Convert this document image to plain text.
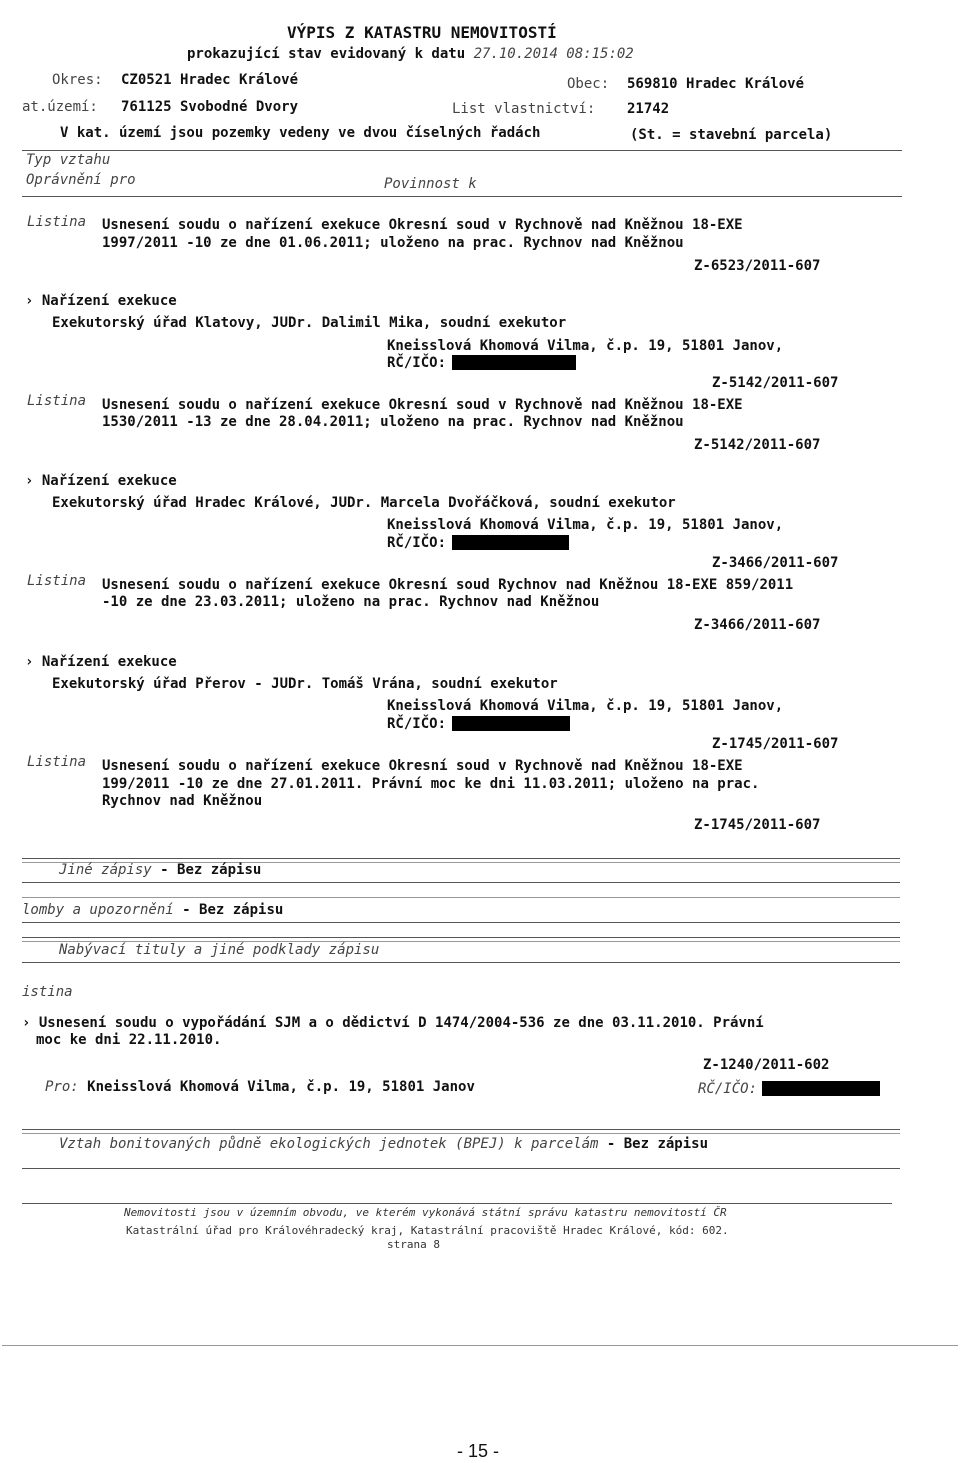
VÝPIS Z KATASTRU NEMOVITOSTÍ
prokazující stav evidovaný k datu 27.10.2014 08:15:02
Okres: CZ0521 Hradec Králové	Obec: 569810 Hradec Králové
at.území: 761125 Svobodné Dvory	List vlastnictví: 21742
V kat. území jsou pozemky vedeny ve dvou číselných řadách	(St. = stavební parcela)
Typ vztahu
Oprávnění pro	Povinnost k
Listina Usnesení soudu o nařízení exekuce Okresní soud v Rychnově nad Kněžnou 18-EXE
1997/2011 -10 ze dne 01.06.2011; uloženo na prac. Rychnov nad Kněžnou
Z-6523/2011-607
› Nařízení exekuce
Exekutorský úřad Klatovy, JUDr. Dalimil Mika, soudní exekutor
Kneisslová Khomová Vilma, č.p. 19, 51801 Janov,
RČ/IČO:
Z-5142/2011-607
Listina Usnesení soudu o nařízení exekuce Okresní soud v Rychnově nad Kněžnou 18-EXE
1530/2011 -13 ze dne 28.04.2011; uloženo na prac. Rychnov nad Kněžnou
Z-5142/2011-607
› Nařízení exekuce
Exekutorský úřad Hradec Králové, JUDr. Marcela Dvořáčková, soudní exekutor
Kneisslová Khomová Vilma, č.p. 19, 51801 Janov,
RČ/IČO:
Z-3466/2011-607
Listina Usnesení soudu o nařízení exekuce Okresní soud Rychnov nad Kněžnou 18-EXE 859/2011
-10 ze dne 23.03.2011; uloženo na prac. Rychnov nad Kněžnou
Z-3466/2011-607
› Nařízení exekuce
Exekutorský úřad Přerov - JUDr. Tomáš Vrána, soudní exekutor
Kneisslová Khomová Vilma, č.p. 19, 51801 Janov,
RČ/IČO:
Z-1745/2011-607
Listina Usnesení soudu o nařízení exekuce Okresní soud v Rychnově nad Kněžnou 18-EXE
199/2011 -10 ze dne 27.01.2011. Právní moc ke dni 11.03.2011; uloženo na prac.
Rychnov nad Kněžnou
Z-1745/2011-607
Jiné zápisy - Bez zápisu
lomby a upozornění - Bez zápisu
Nabývací tituly a jiné podklady zápisu
istina
› Usnesení soudu o vypořádání SJM a o dědictví D 1474/2004-536 ze dne 03.11.2010. Právní
moc ke dni 22.11.2010.
Z-1240/2011-602
Pro: Kneisslová Khomová Vilma, č.p. 19, 51801 Janov	RČ/IČO:
Vztah bonitovaných půdně ekologických jednotek (BPEJ) k parcelám - Bez zápisu
Nemovitosti jsou v územním obvodu, ve kterém vykonává státní správu katastru nemovitostí ČR
Katastrální úřad pro Královéhradecký kraj, Katastrální pracoviště Hradec Králové, kód: 602.
strana 8
- 15 -
